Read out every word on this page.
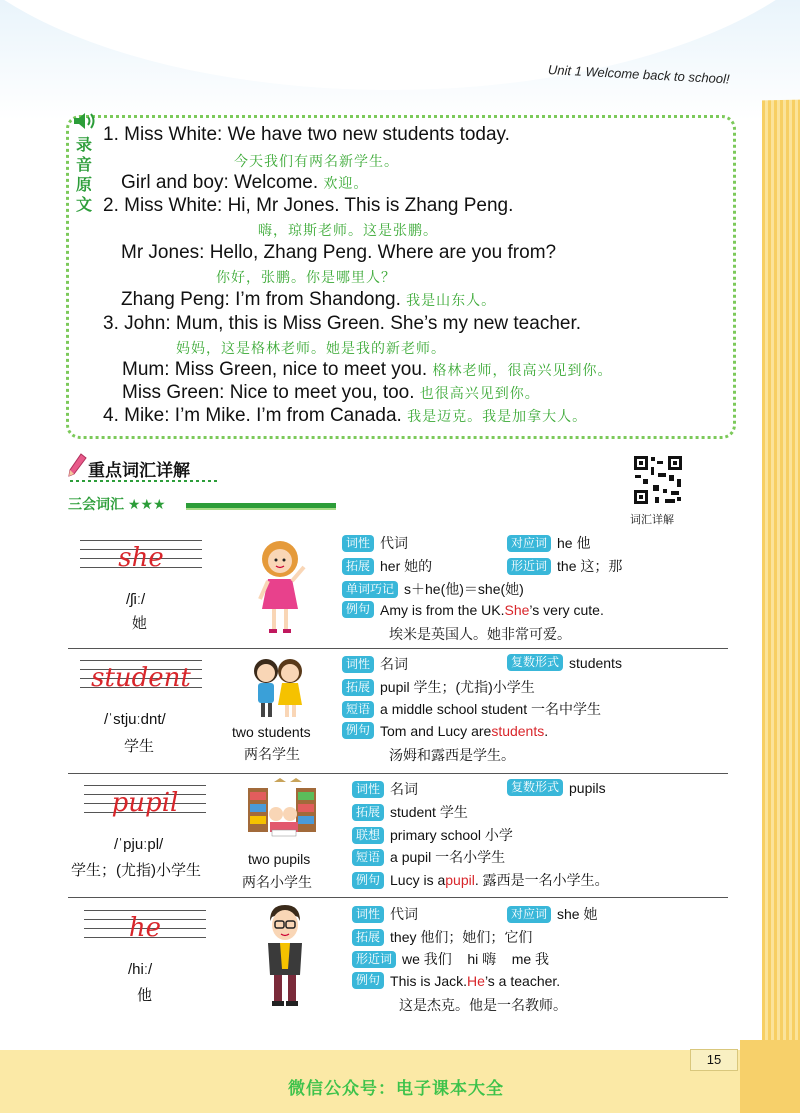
Unit 1 Welcome back to school!
录
音
原
文
1. Miss White: We have two new students today.
今天我们有两名新学生。
Girl and boy: Welcome. 欢迎。
2. Miss White: Hi, Mr Jones. This is Zhang Peng.
嗨，琼斯老师。这是张鹏。
Mr Jones: Hello, Zhang Peng. Where are you from?
你好，张鹏。你是哪里人？
Zhang Peng: I’m from Shandong. 我是山东人。
3. John: Mum, this is Miss Green. She’s my new teacher.
妈妈，这是格林老师。她是我的新老师。
Mum: Miss Green, nice to meet you. 格林老师，很高兴见到你。
Miss Green: Nice to meet you, too. 也很高兴见到你。
4. Mike: I’m Mike. I’m from Canada. 我是迈克。我是加拿大人。
重点词汇详解
词汇详解
三会词汇 ★★★
she
/ʃiː/
她
词性 代词	对应词 he 他
拓展 her 她的	形近词 the 这；那
单词巧记 s＋he(他)＝she(她)
例句 Amy is from the UK. She ’s very cute.
埃米是英国人。她非常可爱。
student
/ˈstjuːdnt/
学生
two students
两名学生
词性 名词	复数形式 students
拓展 pupil 学生；(尤指)小学生
短语 a middle school student 一名中学生
例句 Tom and Lucy are students .
汤姆和露西是学生。
pupil
/ˈpjuːpl/
学生；(尤指)小学生
two pupils
两名小学生
词性 名词	复数形式 pupils
拓展 student 学生
联想 primary school 小学
短语 a pupil 一名小学生
例句 Lucy is a pupil . 露西是一名小学生。
he
/hiː/
他
词性 代词	对应词 she 她
拓展 they 他们；她们；它们
形近词 we 我们    hi 嗨    me 我
例句 This is Jack. He ’s a teacher.
这是杰克。他是一名教师。
15
微信公众号：电子课本大全
